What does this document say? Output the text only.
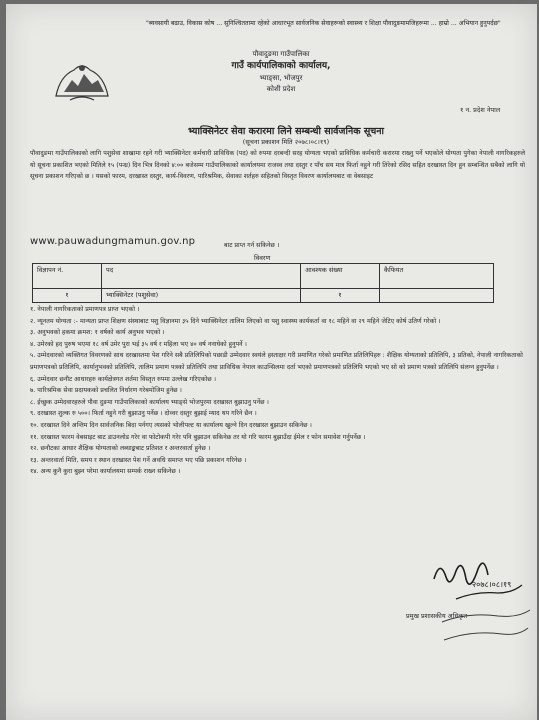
"ब्यवसायी बढाउ, विकास कोष ... सुनिश्चिततामा रहेको आधारभूत सार्वजनिक सेवाहरूको स्वास्थ्य र शिक्षा पौवादुङमामजिहरूमा ... हाम्रो ... अभियान हुनुपर्दछ"
पौवादुङमा गाउँपालिका
गाउँ कार्यपालिकाको कार्यालय,
भ्याङ्सा, भोजपुर
कोशी प्रदेश
१ न. प्रदेश नेपाल
भ्याक्सिनेटर सेवा करारमा लिने सम्बन्धी सार्वजनिक सूचना
(सूचना प्रकाशन मिति २०७८।०८।१९)
पौवादुङमा गाउँपालिकाको लागि पशुसेवा शाखामा रहने गरी भ्याक्सिनेटर कर्मचारी प्राविधिक (पद) को रुपमा दरबन्दी सरह योग्यता भएको प्राविधिक कर्मचारी करारमा राख्नु पर्ने भएकोले योग्यता पुगेका नेपाली नागरिकहरुले यो सूचना प्रकाशित भएको मितिले १५ (पन्ध्र) दिन भित्र दिनको ४:०० बजेसम्म गाउँपालिकाको कार्यालयमा राजस्व तथा दस्तुर र पाँच सय मात्र फिर्ता नहुने गरी तिरेको रसिद सहित दरखास्त दिन हुन सम्बन्धित सबैको लागि यो सूचना प्रकाशन गरिएको छ । यसको फारम, दरखास्त दस्तुर, कार्य-विवरण, पारिश्रमिक, सेवाका शर्तहरु सहितको विस्तृत विवरण कार्यालयबाट वा वेबसाइट
www.pauwadungmamun.gov.np	बाट प्राप्त गर्न सकिनेछ ।
विवरण
विज्ञापन नं.	पद	आवश्यक संख्या	कैफियत
१	भ्याक्सिनेटर (पशुसेवा)	१	

१. नेपाली नागरिकताको प्रमाणपत्र प्राप्त भएको ।

२. न्यूनतम योग्यता :- मान्यता प्राप्त शिक्षण संस्थाबाट पशु विज्ञानमा ३५ दिने भ्याक्सिनेटर तालिम लिएको वा पशु स्वास्थ्य कार्यकर्ता वा १८ महिने वा २९ महिने जेटिए कोर्ष उतिर्ण गरेको ।

३. अनुभवको हकमा क्रमश: १ वर्षको कार्य अनुभव भएको ।

४. उमेरको हद पुरुष भएमा १८ वर्ष उमेर पुरा भई ३५ वर्ष र महिला भए ४० वर्ष ननाघेको हुनुपर्ने ।

५. उम्मेदवारको व्यक्तिगत विवरणको साथ दरखास्तमा पेश गरिने सबै प्रतिलिपिको पछाडी उम्मेदवार स्वयंले हस्ताक्षर गरी प्रमाणित गरेको प्रमाणित प्रतिलिपिहरु : शैक्षिक योग्यताको प्रतिलिपि, ३ प्रतिको, नेपाली नागरिकताको प्रमाणपत्रको प्रतिलिपि, कार्यानुभवको प्रतिलिपि, तालिम प्रमाण पत्रको प्रतिलिपि तथा प्राविधिक नेपाल काउन्सिलमा दर्ता भएको प्रमाणपत्रको प्रतिलिपि भएको भए सो को प्रमाण पत्रको प्रतिलिपि संलग्न हुनुपर्नेछ ।

६. उम्मेदवार छनौट आधारहरु कार्यक्षेत्रगत शर्तमा विस्तृत रुपमा उल्लेख गरिएकोछ ।

७. पारिश्रमिक सेवा प्रदायकको प्रचलित निर्धारण गरेबमोजिम हुनेछ ।

८. ईच्छुक उम्मेदवारहरुले पौवा दुङमा गाउँपालिकाको कार्यालय भ्याङ्से भोजपुरमा दरखास्त बुझाउनु पर्नेछ ।

९. दरखास्त शुल्क रु ५००। फिर्ता नहुने गरी बुझाउनु पर्नेछ । दोव्वर दस्तुर बुझाई म्याद थप गरिने छैन ।

१०. दरखास्त दिने अन्तिम दिन सार्वजनिक बिदा पर्नगए त्यसको भोलीपल्ट या कार्यालय खुल्ने दिन दरखास्त बुझाउन सकिनेछ ।

११. दरखास्त फारम वेबसाइट बाट डाउनलोड गरेर वा फोटोकपी गरेर पनि बुझाउन सकिनेछ तर यो गरि फारम बुझाउँदा ईमेल र फोन समावेश गर्नुपर्नेछ ।

१२. छनौटका आधार शैक्षिक योग्यताको लब्धाङ्कबाट प्रतिशत र अन्तरवार्ता हुनेछ ।

१३. अन्तरवार्ता मिति, समय र स्थान दरखास्त पेश गर्ने अवधि समाप्त भए पछि प्रकाशन गरिनेछ ।

१४. अन्य कुनै कुरा बुझ्न परेमा कार्यालयमा सम्पर्क राख्न सकिनेछ ।

२०७८।०८।१९
प्रमुख प्रशासकीय अधिकृत
